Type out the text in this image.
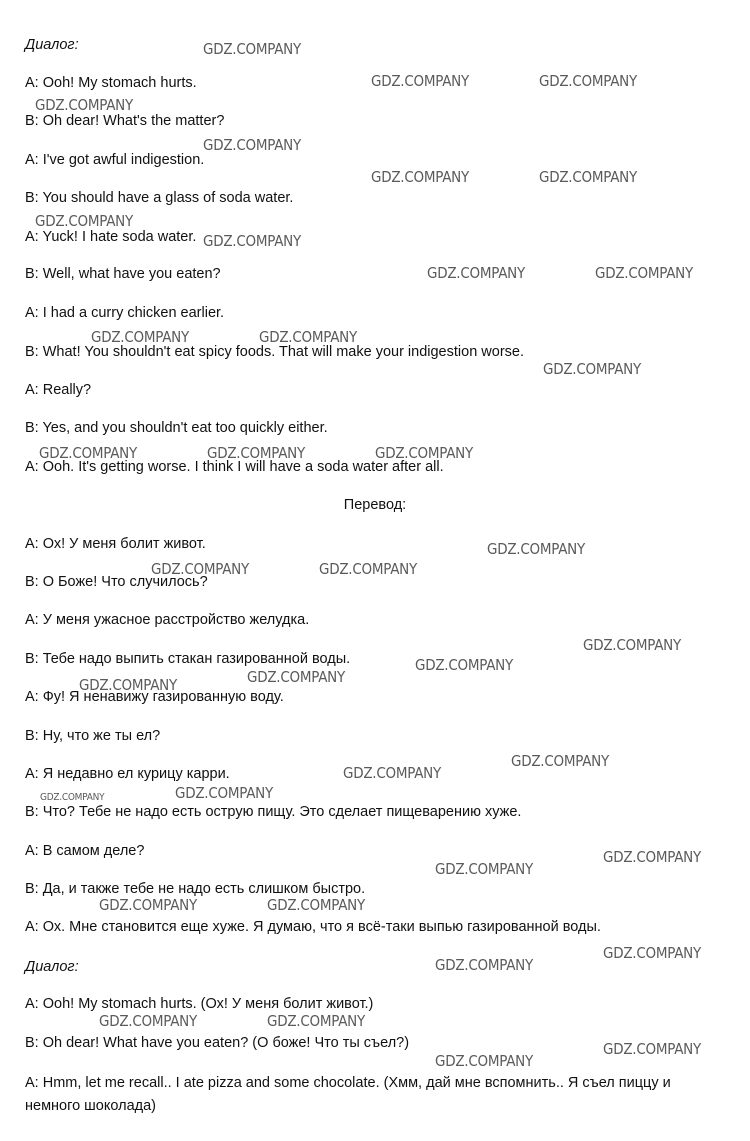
Диалог:
A: Ooh! My stomach hurts.
B: Oh dear! What's the matter?
A: I've got awful indigestion.
B: You should have a glass of soda water.
A: Yuck! I hate soda water.
B: Well, what have you eaten?
A: I had a curry chicken earlier.
B: What! You shouldn't eat spicy foods. That will make your indigestion worse.
A: Really?
B: Yes, and you shouldn't eat too quickly either.
A: Ooh. It's getting worse. I think I will have a soda water after all.
Перевод:
А: Ох! У меня болит живот.
В: О Боже! Что случилось?
А: У меня ужасное расстройство желудка.
В: Тебе надо выпить стакан газированной воды.
А: Фу! Я ненавижу газированную воду.
В: Ну, что же ты ел?
А: Я недавно ел курицу карри.
В: Что? Тебе не надо есть острую пищу. Это сделает пищеварению хуже.
А: В самом деле?
В: Да, и также тебе не надо есть слишком быстро.
А: Ох. Мне становится еще хуже. Я думаю, что я всё-таки выпью газированной воды.
Диалог:
A: Ooh! My stomach hurts. (Ох! У меня болит живот.)
B: Oh dear! What have you eaten? (О боже! Что ты съел?)
A: Hmm, let me recall.. I ate pizza and some chocolate. (Хмм, дай мне вспомнить.. Я съел пиццу и немного шоколада)
GDZ.COMPANY
GDZ.COMPANY	GDZ.COMPANY
GDZ.COMPANY
GDZ.COMPANY
GDZ.COMPANY	GDZ.COMPANY
GDZ.COMPANY
GDZ.COMPANY
GDZ.COMPANY	GDZ.COMPANY
GDZ.COMPANY	GDZ.COMPANY
GDZ.COMPANY
GDZ.COMPANY	GDZ.COMPANY	GDZ.COMPANY
GDZ.COMPANY
GDZ.COMPANY	GDZ.COMPANY
GDZ.COMPANY
GDZ.COMPANY
GDZ.COMPANY
GDZ.COMPANY
GDZ.COMPANY
GDZ.COMPANY
GDZ.COMPANY
GDZ.COMPANY
GDZ.COMPANY
GDZ.COMPANY
GDZ.COMPANY	GDZ.COMPANY
GDZ.COMPANY
GDZ.COMPANY
GDZ.COMPANY	GDZ.COMPANY
GDZ.COMPANY
GDZ.COMPANY
